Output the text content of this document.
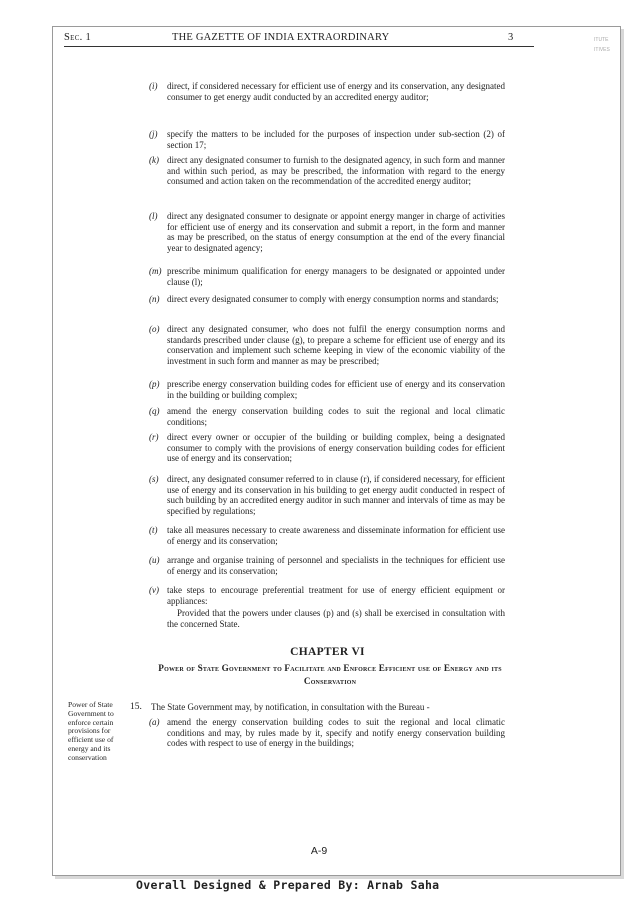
Sec. 1	THE GAZETTE OF INDIA EXTRAORDINARY	3	ITUTE
ITIVES
(i) direct, if considered necessary for efficient use of energy and its conservation, any designated consumer to get energy audit conducted by an accredited energy auditor;
(j) specify the matters to be included for the purposes of inspection under sub-section (2) of section 17;
(k) direct any designated consumer to furnish to the designated agency, in such form and manner and within such period, as may be prescribed, the information with regard to the energy consumed and action taken on the recommendation of the accredited energy auditor;
(l) direct any designated consumer to designate or appoint energy manger in charge of activities for efficient use of energy and its conservation and submit a report, in the form and manner as may be prescribed, on the status of energy consumption at the end of the every financial year to designated agency;
(m) prescribe minimum qualification for energy managers to be designated or appointed under clause (l);
(n) direct every designated consumer to comply with energy consumption norms and standards;
(o) direct any designated consumer, who does not fulfil the energy consumption norms and standards prescribed under clause (g), to prepare a scheme for efficient use of energy and its conservation and implement such scheme keeping in view of the economic viability of the investment in such form and manner as may be prescribed;
(p) prescribe energy conservation building codes for efficient use of energy and its conservation in the building or building complex;
(q) amend the energy conservation building codes to suit the regional and local climatic conditions;
(r) direct every owner or occupier of the building or building complex, being a designated consumer to comply with the provisions of energy conservation building codes for efficient use of energy and its conservation;
(s) direct, any designated consumer referred to in clause (r), if considered necessary, for efficient use of energy and its conservation in his building to get energy audit conducted in respect of such building by an accredited energy auditor in such manner and intervals of time as may be specified by regulations;
(t) take all measures necessary to create awareness and disseminate information for efficient use of energy and its conservation;
(u) arrange and organise training of personnel and specialists in the techniques for efficient use of energy and its conservation;
(v) take steps to encourage preferential treatment for use of energy efficient equipment or appliances:
Provided that the powers under clauses (p) and (s) shall be exercised in consultation with the concerned State.
CHAPTER VI
Power of State Government to Facilitate and Enforce Efficient use of Energy and its Conservation
Power of State Government to enforce certain provisions for efficient use of energy and its conservation
15. The State Government may, by notification, in consultation with the Bureau -
(a) amend the energy conservation building codes to suit the regional and local climatic conditions and may, by rules made by it, specify and notify energy conservation building codes with respect to use of energy in the buildings;
A-9
Overall Designed & Prepared By: Arnab Saha
